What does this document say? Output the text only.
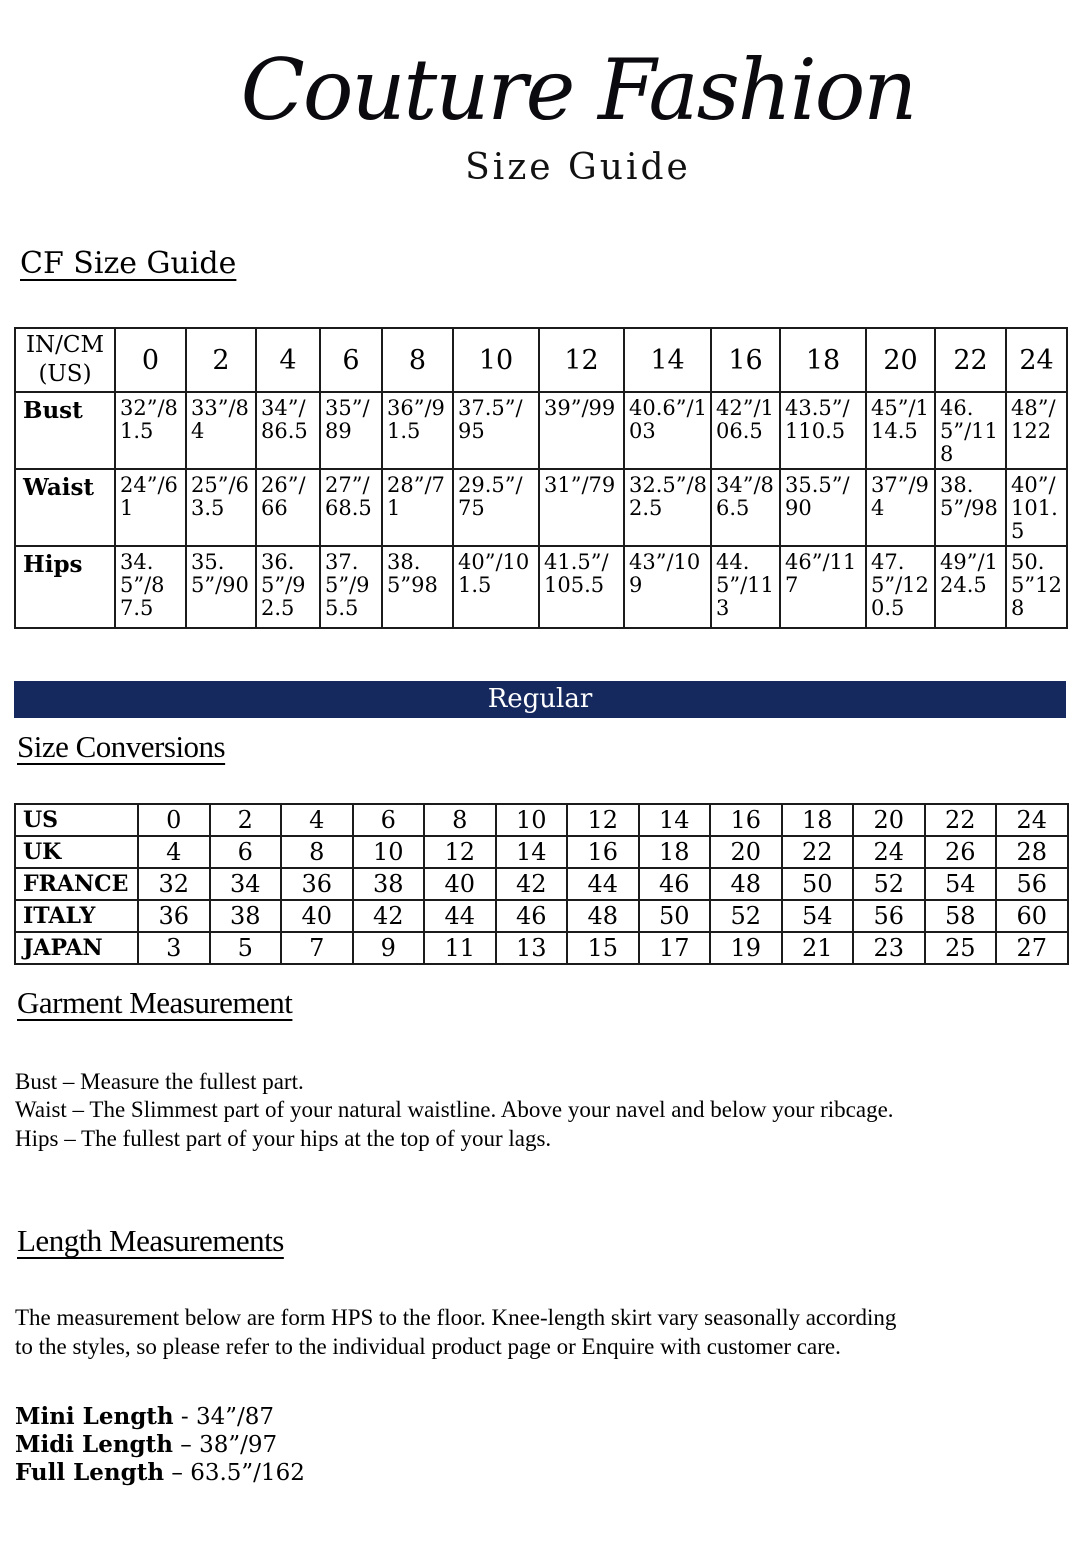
Couture Fashion
Size Guide
CF Size Guide
IN/CM (US)	0	2	4	6	8	10	12	14	16	18	20	22	24
Bust	32”/81.5	33”/84	34”/86.5	35”/89	36”/91.5	37.5”/95	39”/99	40.6”/103	42”/106.5	43.5”/110.5	45”/114.5	46.5”/118	48”/122
Waist	24”/61	25”/63.5	26”/66	27”/68.5	28”/71	29.5”/75	31”/79	32.5”/82.5	34”/86.5	35.5”/90	37”/94	38.5”/98	40”/101.5
Hips	34.5”/87.5	35.5”/90	36.5”/92.5	37.5”/95.5	38.5”98	40”/101.5	41.5”/105.5	43”/109	44.5”/113	46”/117	47.5”/120.5	49”/124.5	50.5”128
Regular
Size Conversions
US	0	2	4	6	8	10	12	14	16	18	20	22	24
UK	4	6	8	10	12	14	16	18	20	22	24	26	28
FRANCE	32	34	36	38	40	42	44	46	48	50	52	54	56
ITALY	36	38	40	42	44	46	48	50	52	54	56	58	60
JAPAN	3	5	7	9	11	13	15	17	19	21	23	25	27
Garment Measurement
Bust – Measure the fullest part.
Waist – The Slimmest part of your natural waistline. Above your navel and below your ribcage.
Hips – The fullest part of your hips at the top of your lags.
Length Measurements
The measurement below are form HPS to the floor. Knee-length skirt vary seasonally according
to the styles, so please refer to the individual product page or Enquire with customer care.
Mini Length - 34”/87
Midi Length – 38”/97
Full Length – 63.5”/162
